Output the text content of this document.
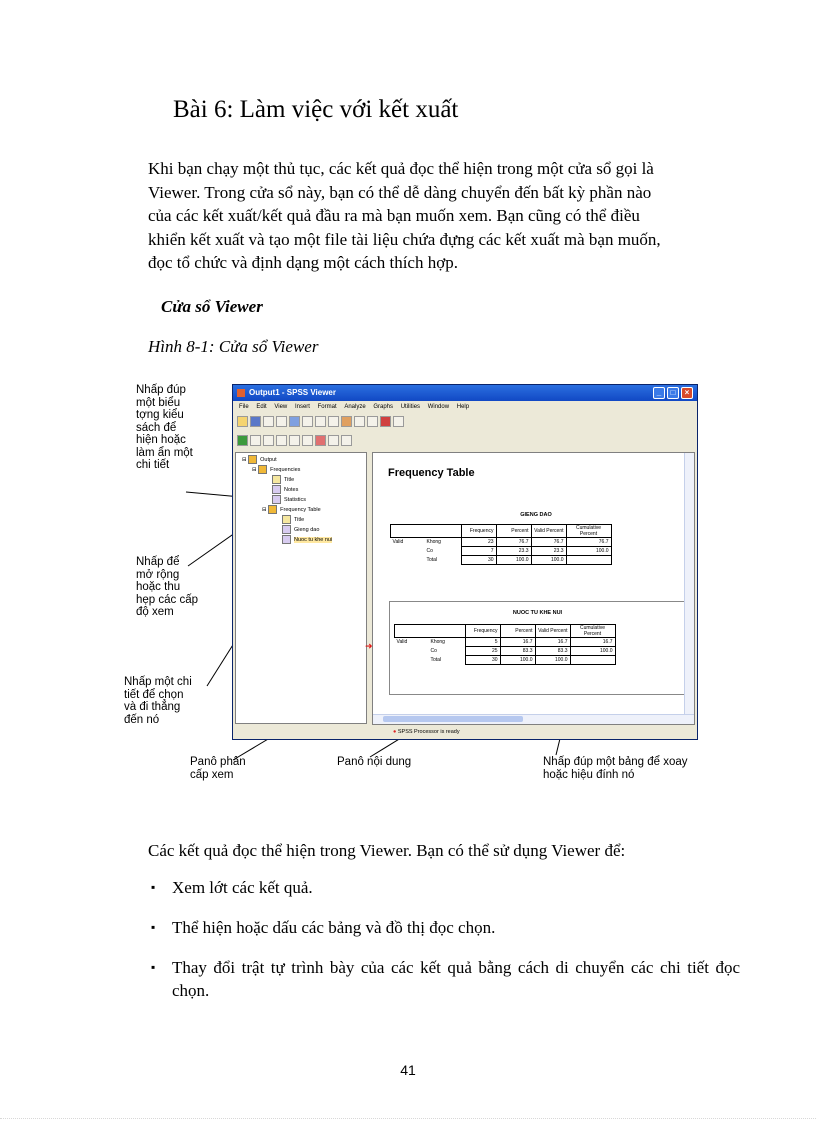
Bài 6: Làm việc với kết xuất
Khi bạn chạy một thủ tục, các kết quả đọc thể hiện trong một cửa sổ gọi là
Viewer. Trong cửa sổ này, bạn có thể dễ dàng chuyển đến bất kỳ phần nào
của các kết xuất/kết quả đầu ra mà bạn muốn xem. Bạn cũng có thể điều
khiển kết xuất và tạo một file tài liệu chứa đựng các kết xuất mà bạn muốn,
đọc tổ chức và định dạng một cách thích hợp.
Cửa sổ Viewer
Hình 8-1: Cửa sổ Viewer
Nhấp đúp
một biểu
tợng kiểu
sách để
hiện hoặc
làm ẩn một
chi tiết
Nhấp để
mở rộng
hoặc thu
hẹp các cấp
độ xem
Nhấp một chi
tiết để chọn
và đi thẳng
đến nó
Panô phân
cấp xem
Panô nội dung	Nhấp đúp một bảng để xoay
hoặc hiệu đính nó
Output1 - SPSS Viewer	_	□	×
File Edit View Insert Format Analyze Graphs Utilities Window Help
⊟ Output
⊟ Frequencies
Title
Notes
Statistics
⊟ Frequency Table
Title
Gieng dao
Nuoc tu khe nui
Frequency Table
GIENG DAO
		Frequency	Percent	Valid Percent	Cumulative Percent
Valid	Khong	23	76.7	76.7	76.7
	Co	7	23.3	23.3	100.0
	Total	30	100.0	100.0	
NUOC TU KHE NUI
		Frequency	Percent	Valid Percent	Cumulative Percent
Valid	Khong	5	16.7	16.7	16.7
	Co	25	83.3	83.3	100.0
	Total	30	100.0	100.0	
➜
● SPSS Processor is ready
Các kết quả đọc thể hiện trong Viewer. Bạn có thể sử dụng Viewer để:
▪ Xem lớt các kết quả.
▪ Thể hiện hoặc dấu các bảng và đồ thị đọc chọn.
▪ Thay đổi trật tự trình bày của các kết quả bằng cách di chuyển các chi tiết đọc chọn.
41
